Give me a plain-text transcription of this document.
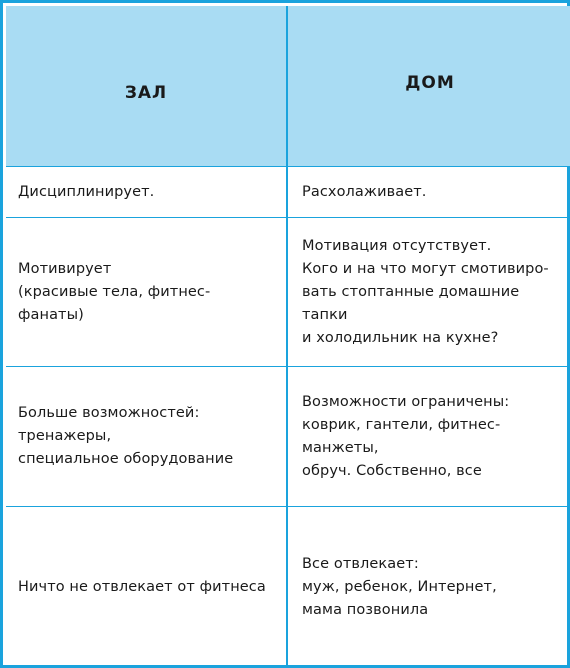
ЗАЛ	ДОМ
Дисциплинирует.	Расхолаживает.
Мотивирует
(красивые тела, фитнес-фанаты)
Мотивация отсутствует.
Кого и на что могут смотивиро-
вать стоптанные домашние тапки
и холодильник на кухне?
Больше возможностей:
тренажеры,
специальное оборудование
Возможности ограничены:
коврик, гантели, фитнес-манжеты,
обруч. Собственно, все
Ничто не отвлекает от фитнеса
Все отвлекает:
муж, ребенок, Интернет,
мама позвонила
